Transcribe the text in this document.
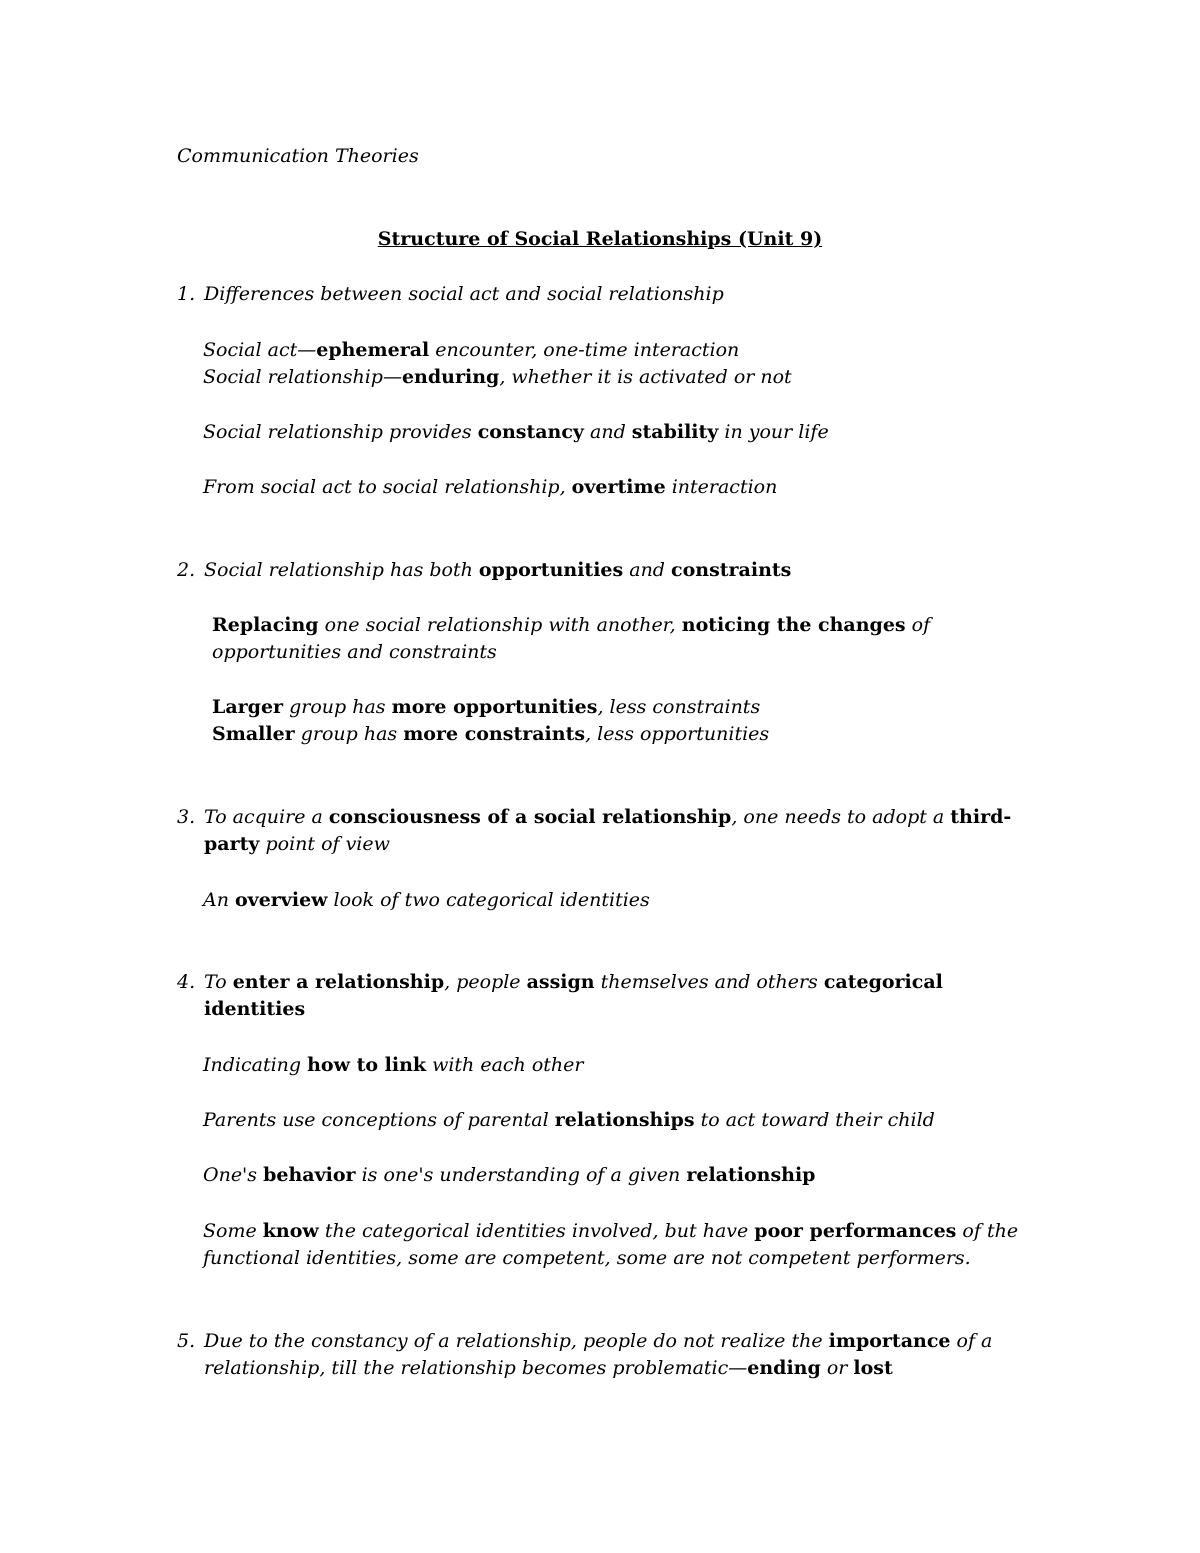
Communication Theories
Structure of Social Relationships (Unit 9)
1. Differences between social act and social relationship
Social act—ephemeral encounter, one-time interaction
Social relationship—enduring, whether it is activated or not
Social relationship provides constancy and stability in your life
From social act to social relationship, overtime interaction
2. Social relationship has both opportunities and constraints
Replacing one social relationship with another, noticing the changes of
opportunities and constraints
Larger group has more opportunities, less constraints
Smaller group has more constraints, less opportunities
3. To acquire a consciousness of a social relationship, one needs to adopt a third-
party point of view
An overview look of two categorical identities
4. To enter a relationship, people assign themselves and others categorical
identities
Indicating how to link with each other
Parents use conceptions of parental relationships to act toward their child
One's behavior is one's understanding of a given relationship
Some know the categorical identities involved, but have poor performances of the
functional identities, some are competent, some are not competent performers.
5. Due to the constancy of a relationship, people do not realize the importance of a
relationship, till the relationship becomes problematic—ending or lost
